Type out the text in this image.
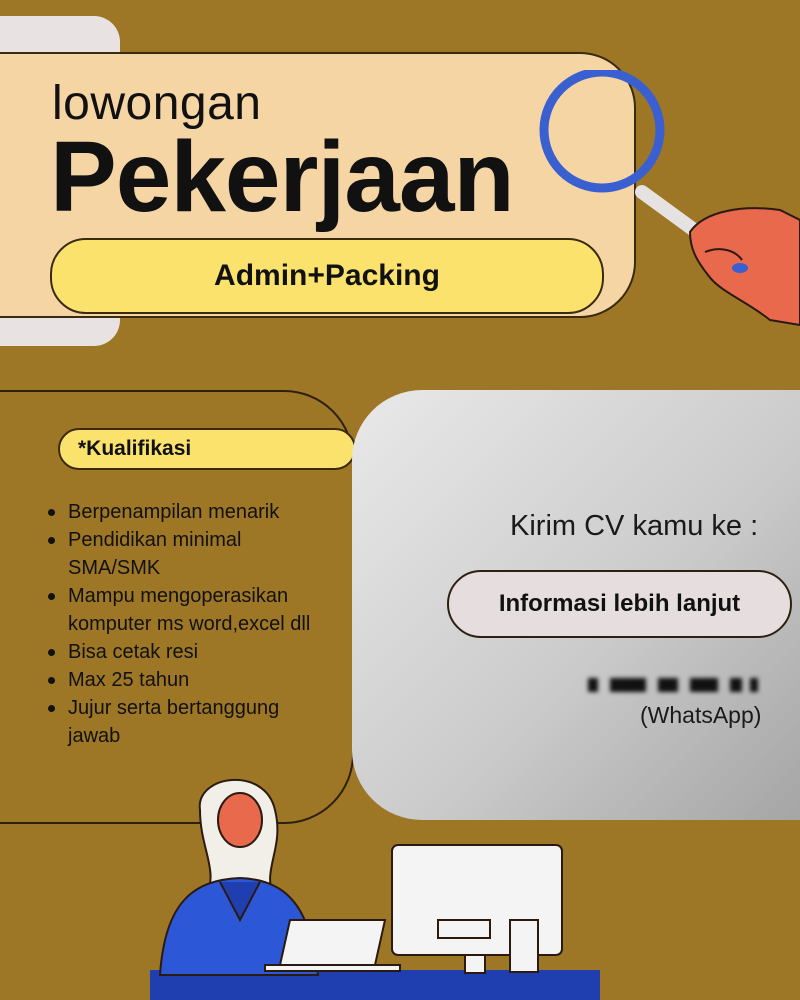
lowongan
Pekerjaan
Admin+Packing
*Kualifikasi
Berpenampilan menarik
Pendidikan minimal SMA/SMK
Mampu mengoperasikan komputer ms word,excel dll
Bisa cetak resi
Max 25 tahun
Jujur serta bertanggung jawab
Kirim CV kamu ke :
Informasi lebih lanjut
(WhatsApp)
